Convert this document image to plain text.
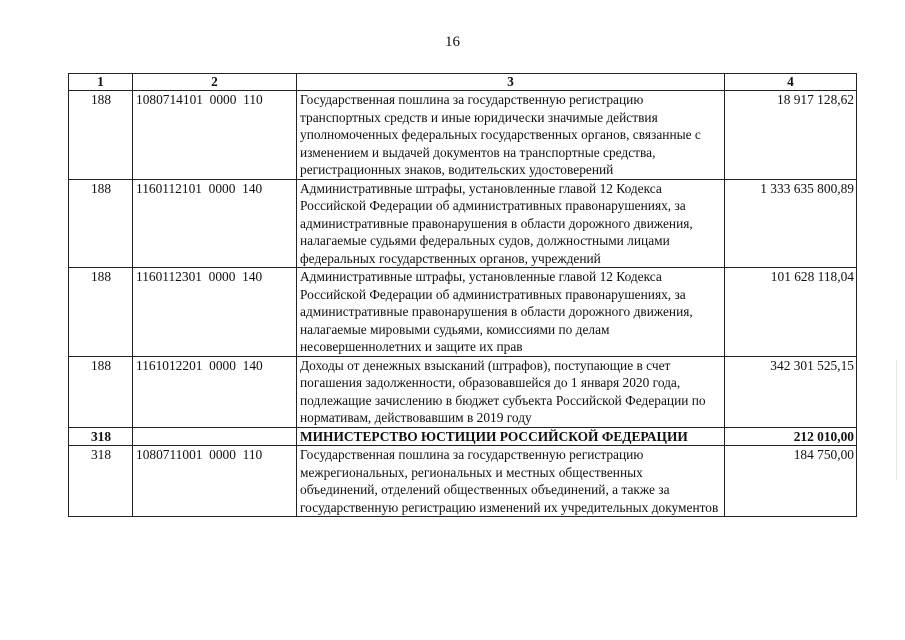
16
1	2	3	4
188	1080714101  0000  110	Государственная пошлина за государственную регистрацию транспортных средств и иные юридически значимые действия уполномоченных федеральных государственных органов, связанные с изменением и выдачей документов на транспортные средства, регистрационных знаков, водительских удостоверений	18 917 128,62
188	1160112101  0000  140	Административные штрафы, установленные главой 12 Кодекса Российской Федерации об административных правонарушениях, за административные правонарушения в области дорожного движения, налагаемые судьями федеральных судов, должностными лицами федеральных государственных органов, учреждений	1 333 635 800,89
188	1160112301  0000  140	Административные штрафы, установленные главой 12 Кодекса Российской Федерации об административных правонарушениях, за административные правонарушения в области дорожного движения, налагаемые мировыми судьями, комиссиями по делам несовершеннолетних и защите их прав	101 628 118,04
188	1161012201  0000  140	Доходы от денежных взысканий (штрафов), поступающие в счет погашения задолженности, образовавшейся до 1 января 2020 года, подлежащие зачислению в бюджет субъекта Российской Федерации по нормативам, действовавшим в 2019 году	342 301 525,15
318		МИНИСТЕРСТВО ЮСТИЦИИ РОССИЙСКОЙ ФЕДЕРАЦИИ	212 010,00
318	1080711001  0000  110	Государственная пошлина за государственную регистрацию межрегиональных, региональных и местных общественных объединений, отделений общественных объединений, а также за государственную регистрацию изменений их учредительных документов	184 750,00
